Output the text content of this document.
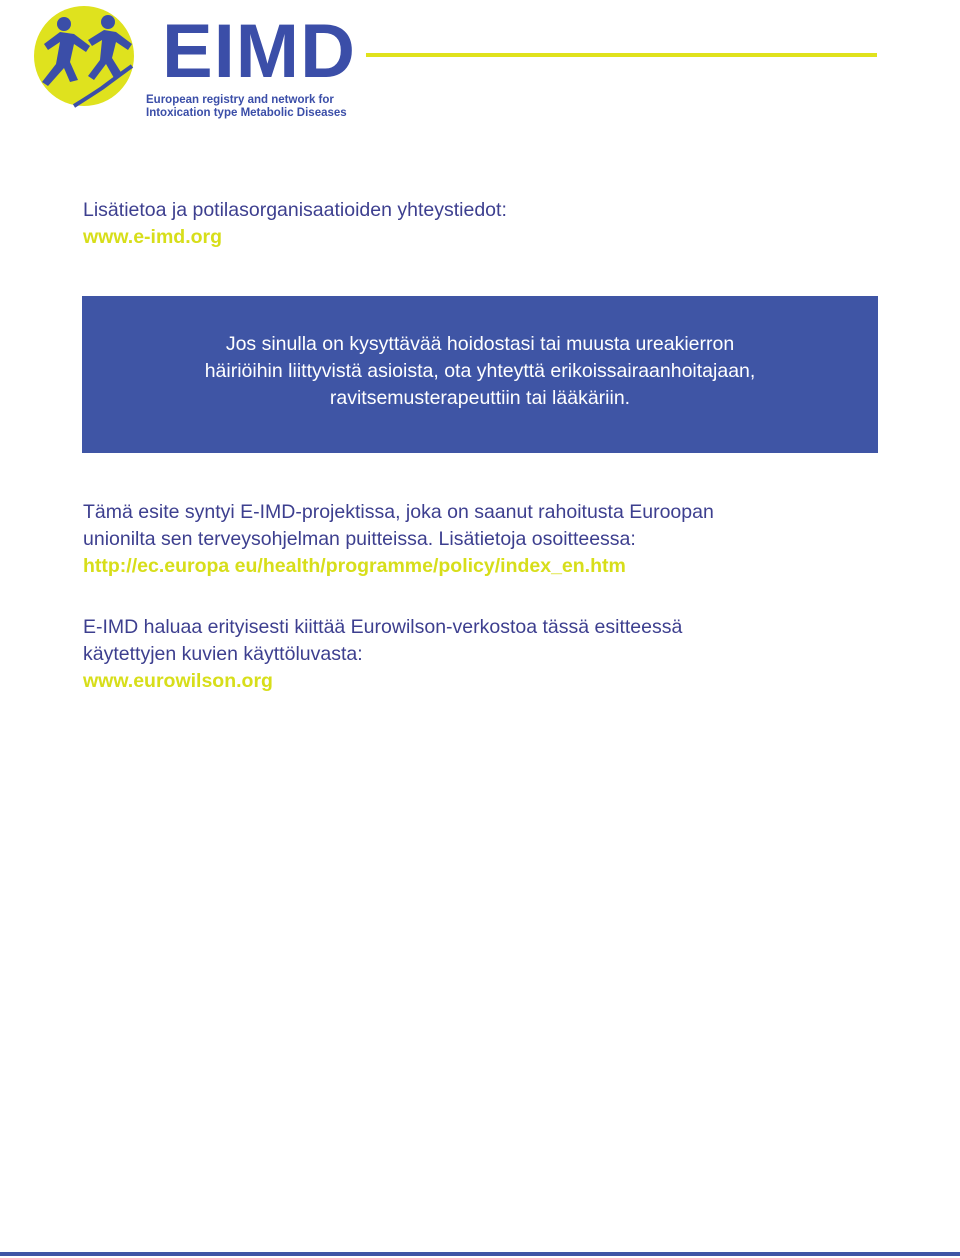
EIMD
European registry and network for
Intoxication type Metabolic Diseases
Lisätietoa ja potilasorganisaatioiden yhteystiedot:
www.e-imd.org
Jos sinulla on kysyttävää hoidostasi tai muusta ureakierron
häiriöihin liittyvistä asioista, ota yhteyttä erikoissairaanhoitajaan,
ravitsemusterapeuttiin tai lääkäriin.
Tämä esite syntyi E-IMD-projektissa, joka on saanut rahoitusta Euroopan
unionilta sen terveysohjelman puitteissa. Lisätietoja osoitteessa:
http://ec.europa eu/health/programme/policy/index_en.htm
E-IMD haluaa erityisesti kiittää Eurowilson-verkostoa tässä esitteessä
käytettyjen kuvien käyttöluvasta:
www.eurowilson.org
